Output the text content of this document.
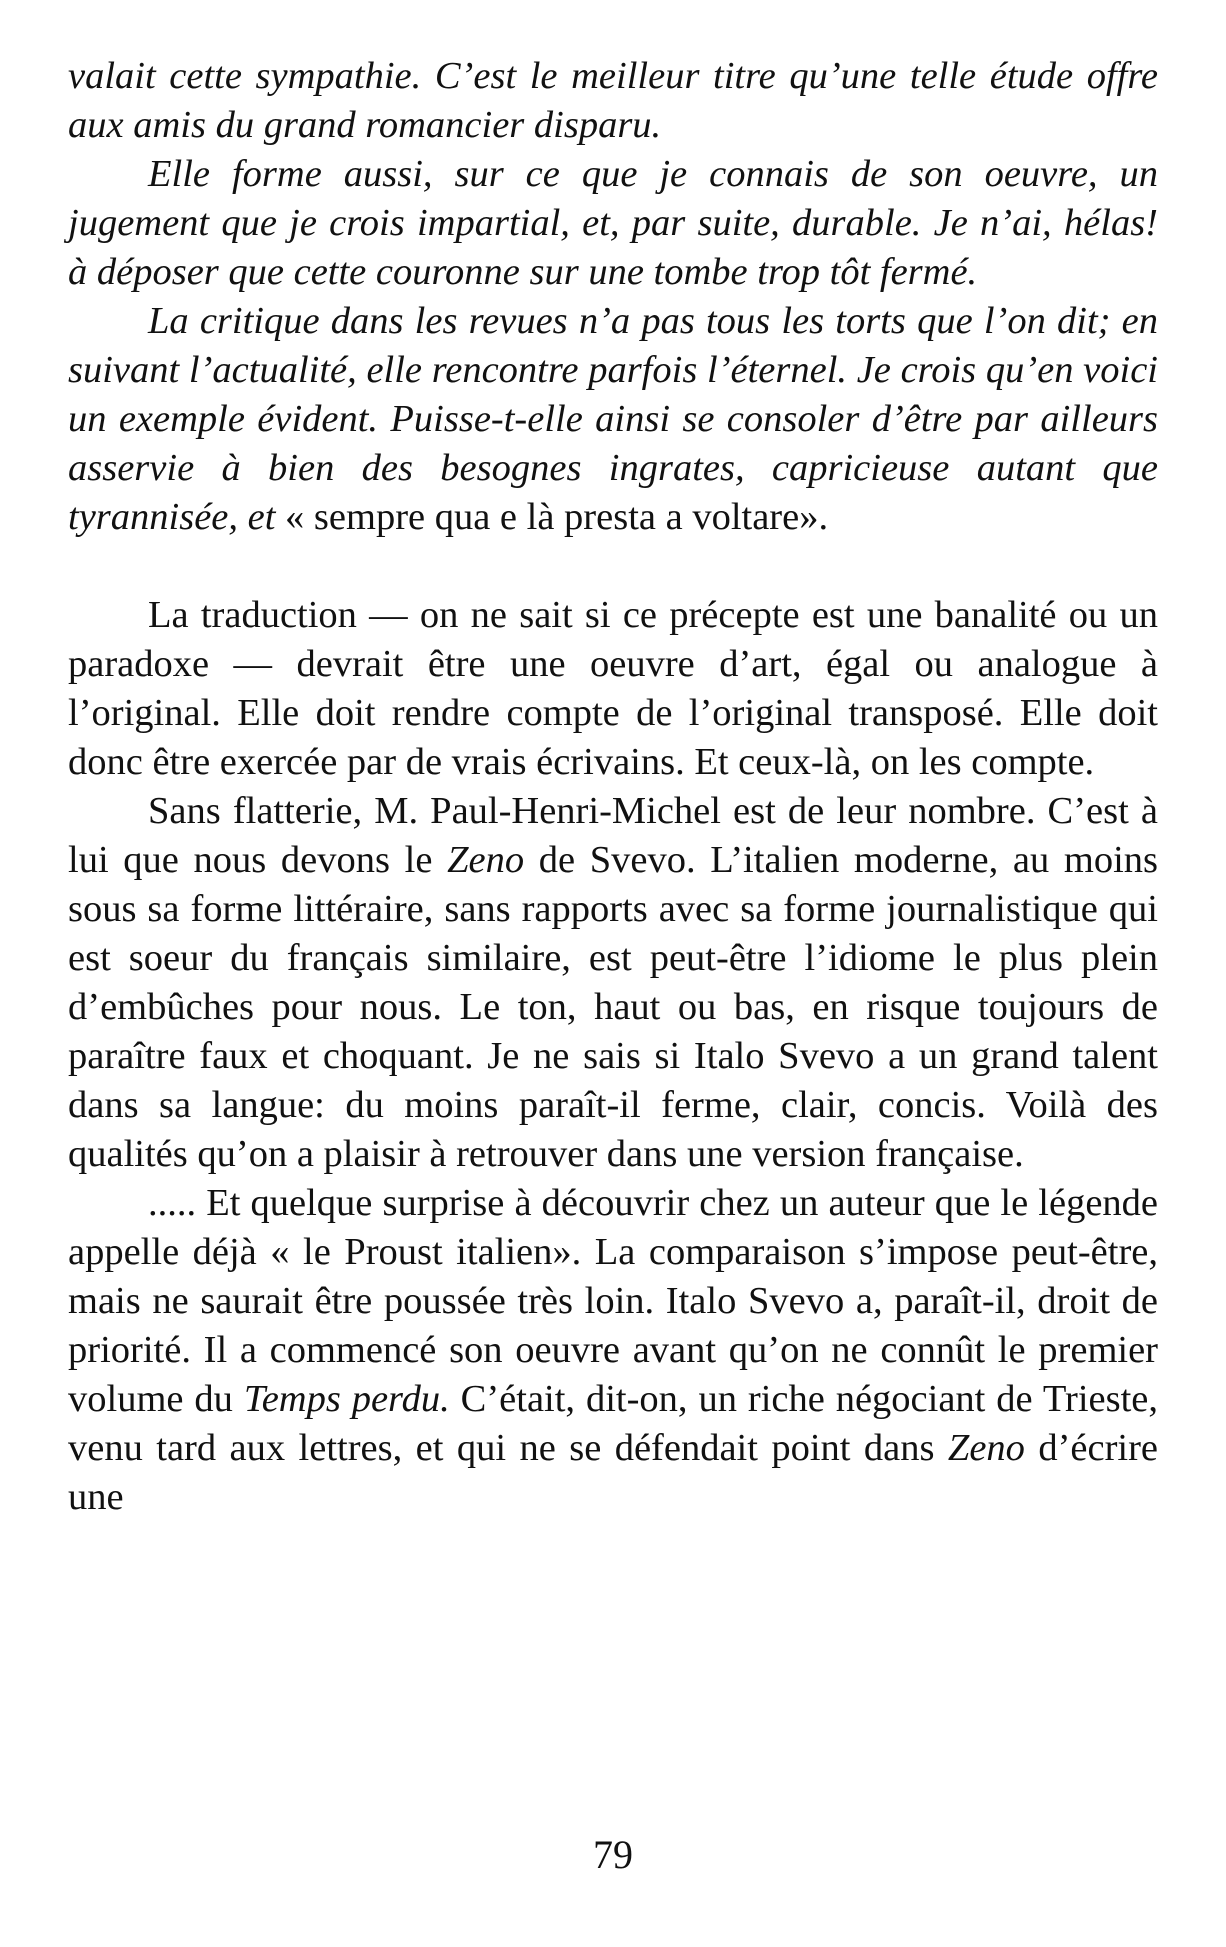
valait cette sympathie. C’est le meilleur titre qu’une telle étude offre aux amis du grand romancier disparu.

Elle forme aussi, sur ce que je connais de son oeuvre, un jugement que je crois impartial, et, par suite, durable. Je n’ai, hélas! à déposer que cette couronne sur une tombe trop tôt fermé.

La critique dans les revues n’a pas tous les torts que l’on dit; en suivant l’actualité, elle rencontre parfois l’éternel. Je crois qu’en voici un exemple évident. Puisse-t-elle ainsi se consoler d’être par ailleurs asservie à bien des besognes ingrates, capricieuse autant que tyrannisée, et « sempre qua e là presta a voltare».

La traduction — on ne sait si ce précepte est une banalité ou un paradoxe — devrait être une oeuvre d’art, égal ou analogue à l’original. Elle doit rendre compte de l’original transposé. Elle doit donc être exercée par de vrais écrivains. Et ceux-là, on les compte.

Sans flatterie, M. Paul-Henri-Michel est de leur nombre. C’est à lui que nous devons le Zeno de Svevo. L’italien moderne, au moins sous sa forme littéraire, sans rapports avec sa forme journalistique qui est soeur du français similaire, est peut-être l’idiome le plus plein d’embûches pour nous. Le ton, haut ou bas, en risque toujours de paraître faux et choquant. Je ne sais si Italo Svevo a un grand talent dans sa langue: du moins paraît-il ferme, clair, concis. Voilà des qualités qu’on a plaisir à retrouver dans une version française.

..... Et quelque surprise à découvrir chez un auteur que le légende appelle déjà « le Proust italien». La comparaison s’impose peut-être, mais ne saurait être poussée très loin. Italo Svevo a, paraît-il, droit de priorité. Il a commencé son oeuvre avant qu’on ne connût le premier volume du Temps perdu. C’était, dit-on, un riche négociant de Trieste, venu tard aux lettres, et qui ne se défendait point dans Zeno d’écrire une

79
